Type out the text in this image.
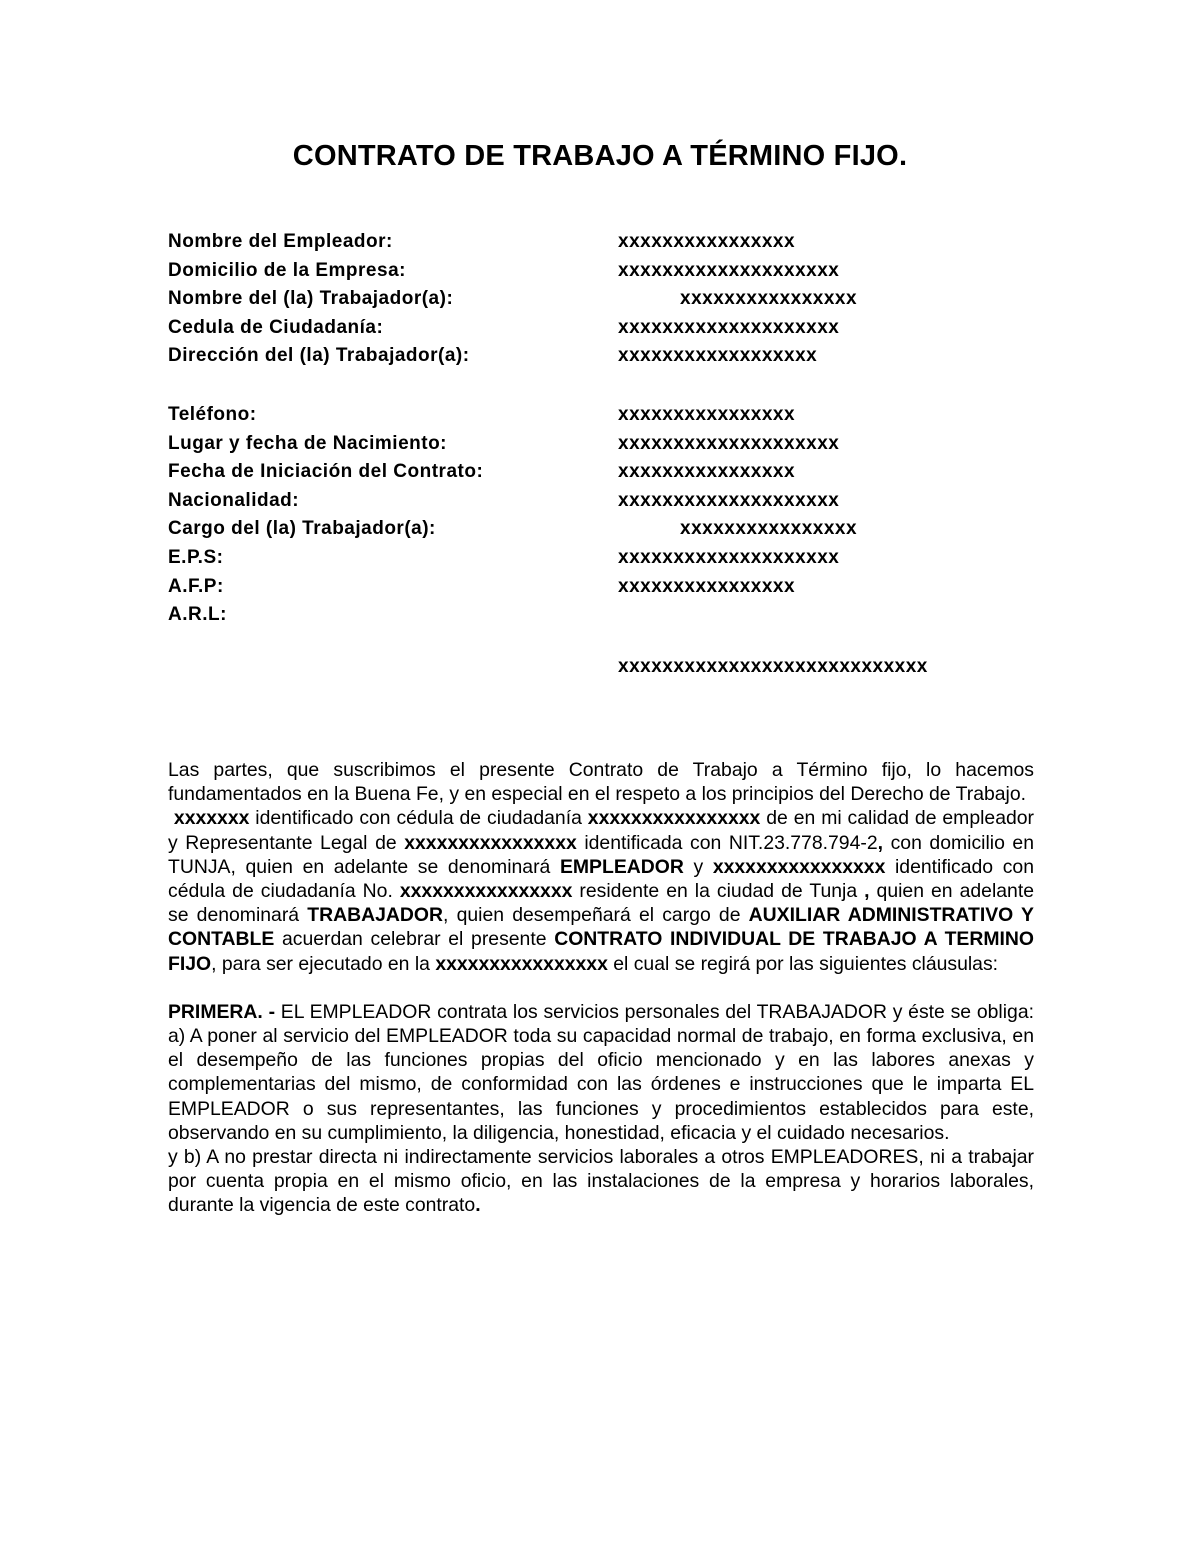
CONTRATO DE TRABAJO A TÉRMINO FIJO.
Nombre del Empleador:	xxxxxxxxxxxxxxxx
Domicilio de la Empresa:	xxxxxxxxxxxxxxxxxxxx
Nombre del (la) Trabajador(a):	xxxxxxxxxxxxxxxx
Cedula de Ciudadanía:	xxxxxxxxxxxxxxxxxxxx
Dirección del (la) Trabajador(a):	xxxxxxxxxxxxxxxxxx
Teléfono:	xxxxxxxxxxxxxxxx
Lugar y fecha de Nacimiento:	xxxxxxxxxxxxxxxxxxxx
Fecha de Iniciación del Contrato:	xxxxxxxxxxxxxxxx
Nacionalidad:	xxxxxxxxxxxxxxxxxxxx
Cargo del (la) Trabajador(a):	xxxxxxxxxxxxxxxx
E.P.S:	xxxxxxxxxxxxxxxxxxxx
A.F.P:	xxxxxxxxxxxxxxxx
A.R.L:
xxxxxxxxxxxxxxxxxxxxxxxxxxxx

Las partes, que suscribimos el presente Contrato de Trabajo a Término fijo, lo hacemos fundamentados en la Buena Fe, y en especial en el respeto a los principios del Derecho de Trabajo.

xxxxxxx identificado con cédula de ciudadanía xxxxxxxxxxxxxxxx de en mi calidad de empleador y Representante Legal de xxxxxxxxxxxxxxxx identificada con NIT.23.778.794-2, con domicilio en TUNJA, quien en adelante se denominará EMPLEADOR y xxxxxxxxxxxxxxxx identificado con cédula de ciudadanía No. xxxxxxxxxxxxxxxx residente en la ciudad de Tunja , quien en adelante se denominará TRABAJADOR, quien desempeñará el cargo de AUXILIAR ADMINISTRATIVO Y CONTABLE acuerdan celebrar el presente CONTRATO INDIVIDUAL DE TRABAJO A TERMINO FIJO, para ser ejecutado en la xxxxxxxxxxxxxxxx el cual se regirá por las siguientes cláusulas:

PRIMERA. - EL EMPLEADOR contrata los servicios personales del TRABAJADOR y éste se obliga: a) A poner al servicio del EMPLEADOR toda su capacidad normal de trabajo, en forma exclusiva, en el desempeño de las funciones propias del oficio mencionado y en las labores anexas y complementarias del mismo, de conformidad con las órdenes e instrucciones que le imparta EL EMPLEADOR o sus representantes, las funciones y procedimientos establecidos para este, observando en su cumplimiento, la diligencia, honestidad, eficacia y el cuidado necesarios.

y b) A no prestar directa ni indirectamente servicios laborales a otros EMPLEADORES, ni a trabajar por cuenta propia en el mismo oficio, en las instalaciones de la empresa y horarios laborales, durante la vigencia de este contrato.
